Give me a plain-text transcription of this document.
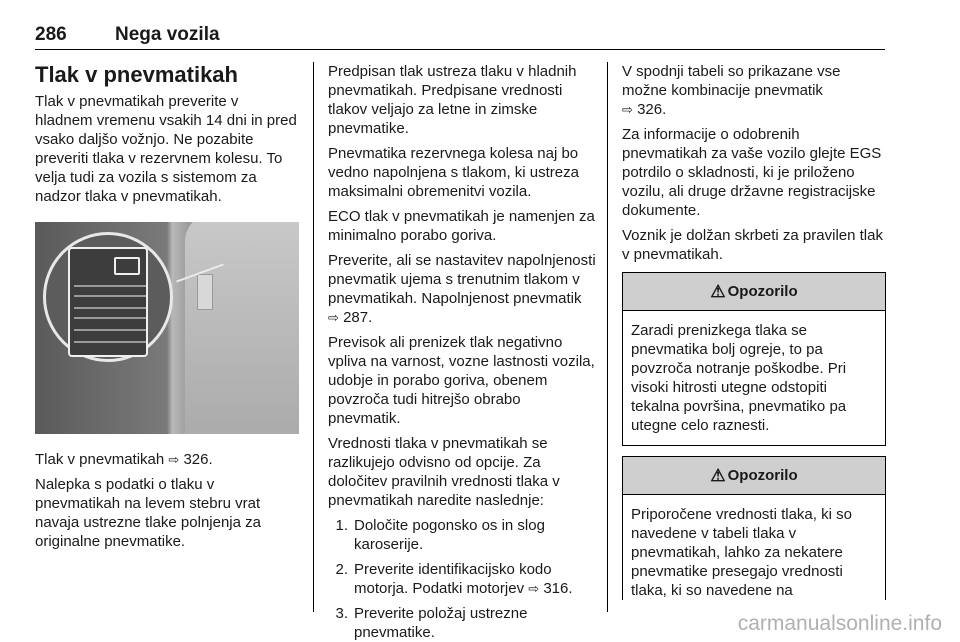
286	Nega vozila
Tlak v pnevmatikah
Tlak v pnevmatikah preverite v hladnem vremenu vsakih 14 dni in pred vsako daljšo vožnjo. Ne pozabite preveriti tlaka v rezervnem kolesu. To velja tudi za vozila s sistemom za nadzor tlaka v pnevmatikah.
Tlak v pnevmatikah ⇨ 326.
Nalepka s podatki o tlaku v pnevmatikah na levem stebru vrat navaja ustrezne tlake polnjenja za originalne pnevmatike.
Predpisan tlak ustreza tlaku v hladnih pnevmatikah. Predpisane vrednosti tlakov veljajo za letne in zimske pnevmatike.
Pnevmatika rezervnega kolesa naj bo vedno napolnjena s tlakom, ki ustreza maksimalni obremenitvi vozila.
ECO tlak v pnevmatikah je namenjen za minimalno porabo goriva.
Preverite, ali se nastavitev napolnjenosti pnevmatik ujema s trenutnim tlakom v pnevmatikah. Napolnjenost pnevmatik ⇨ 287.
Previsok ali prenizek tlak negativno vpliva na varnost, vozne lastnosti vozila, udobje in porabo goriva, obenem povzroča tudi hitrejšo obrabo pnevmatik.
Vrednosti tlaka v pnevmatikah se razlikujejo odvisno od opcije. Za določitev pravilnih vrednosti tlaka v pnevmatikah naredite naslednje:
1. Določite pogonsko os in slog karoserije.
2. Preverite identifikacijsko kodo motorja. Podatki motorjev ⇨ 316.
3. Preverite položaj ustrezne pnevmatike.
V spodnji tabeli so prikazane vse možne kombinacije pnevmatik
⇨ 326.
Za informacije o odobrenih pnevmatikah za vaše vozilo glejte EGS potrdilo o skladnosti, ki je priloženo vozilu, ali druge državne registracijske dokumente.
Voznik je dolžan skrbeti za pravilen tlak v pnevmatikah.
⚠ Opozorilo
Zaradi prenizkega tlaka se pnevmatika bolj ogreje, to pa povzroča notranje poškodbe. Pri visoki hitrosti utegne odstopiti tekalna površina, pnevmatiko pa utegne celo raznesti.
⚠ Opozorilo
Priporočene vrednosti tlaka, ki so navedene v tabeli tlaka v pnevmatikah, lahko za nekatere pnevmatike presegajo vrednosti tlaka, ki so navedene na
carmanualsonline.info
